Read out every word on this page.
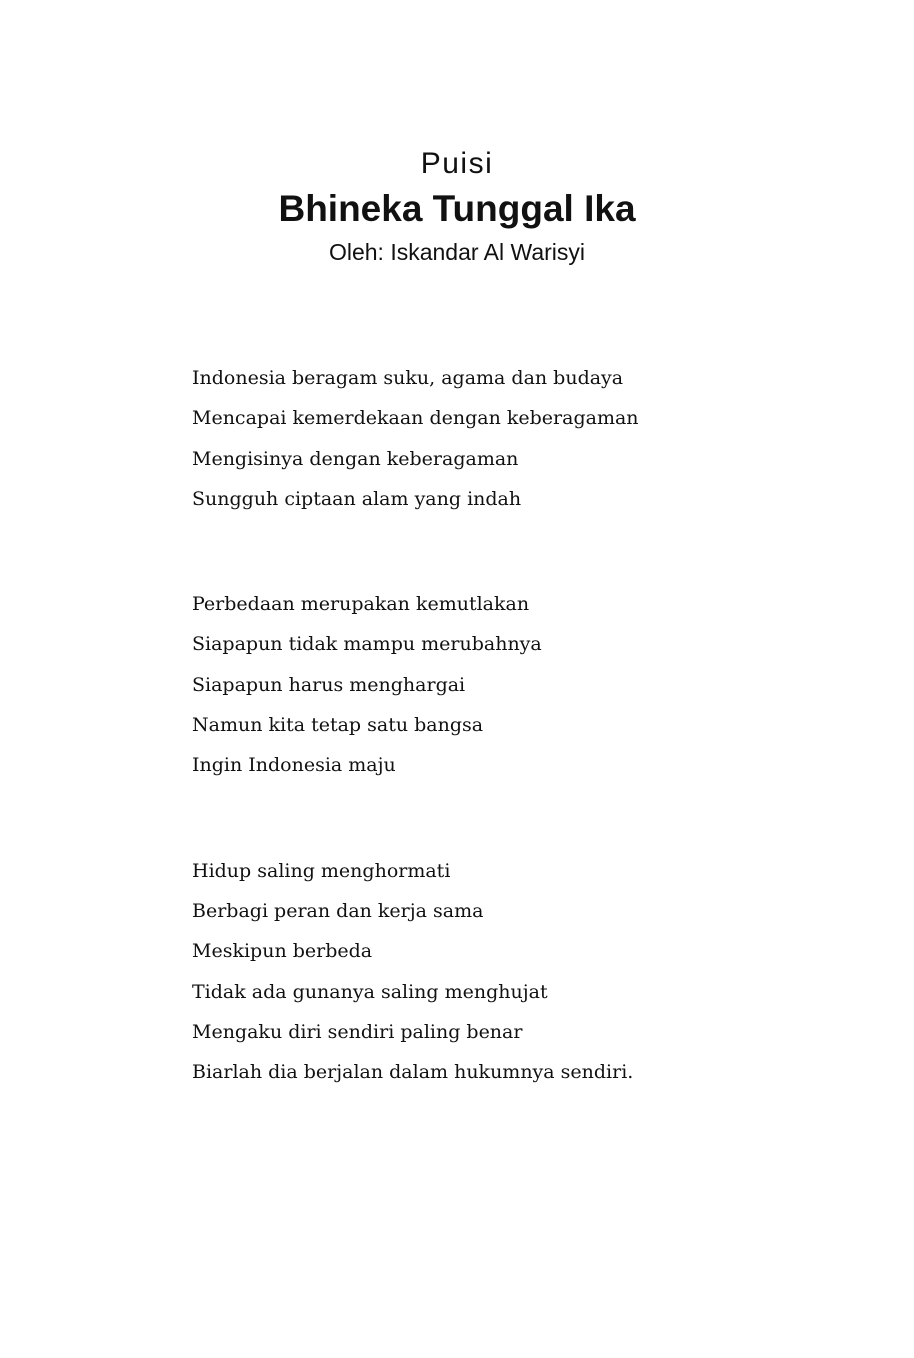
Puisi
Bhineka Tunggal Ika
Oleh: Iskandar Al Warisyi
Indonesia beragam suku, agama dan budaya
Mencapai kemerdekaan dengan keberagaman
Mengisinya dengan keberagaman
Sungguh ciptaan alam yang indah
Perbedaan merupakan kemutlakan
Siapapun tidak mampu merubahnya
Siapapun harus menghargai
Namun kita tetap satu bangsa
Ingin Indonesia maju
Hidup saling menghormati
Berbagi peran dan kerja sama
Meskipun berbeda
Tidak ada gunanya saling menghujat
Mengaku diri sendiri paling benar
Biarlah dia berjalan dalam hukumnya sendiri.
